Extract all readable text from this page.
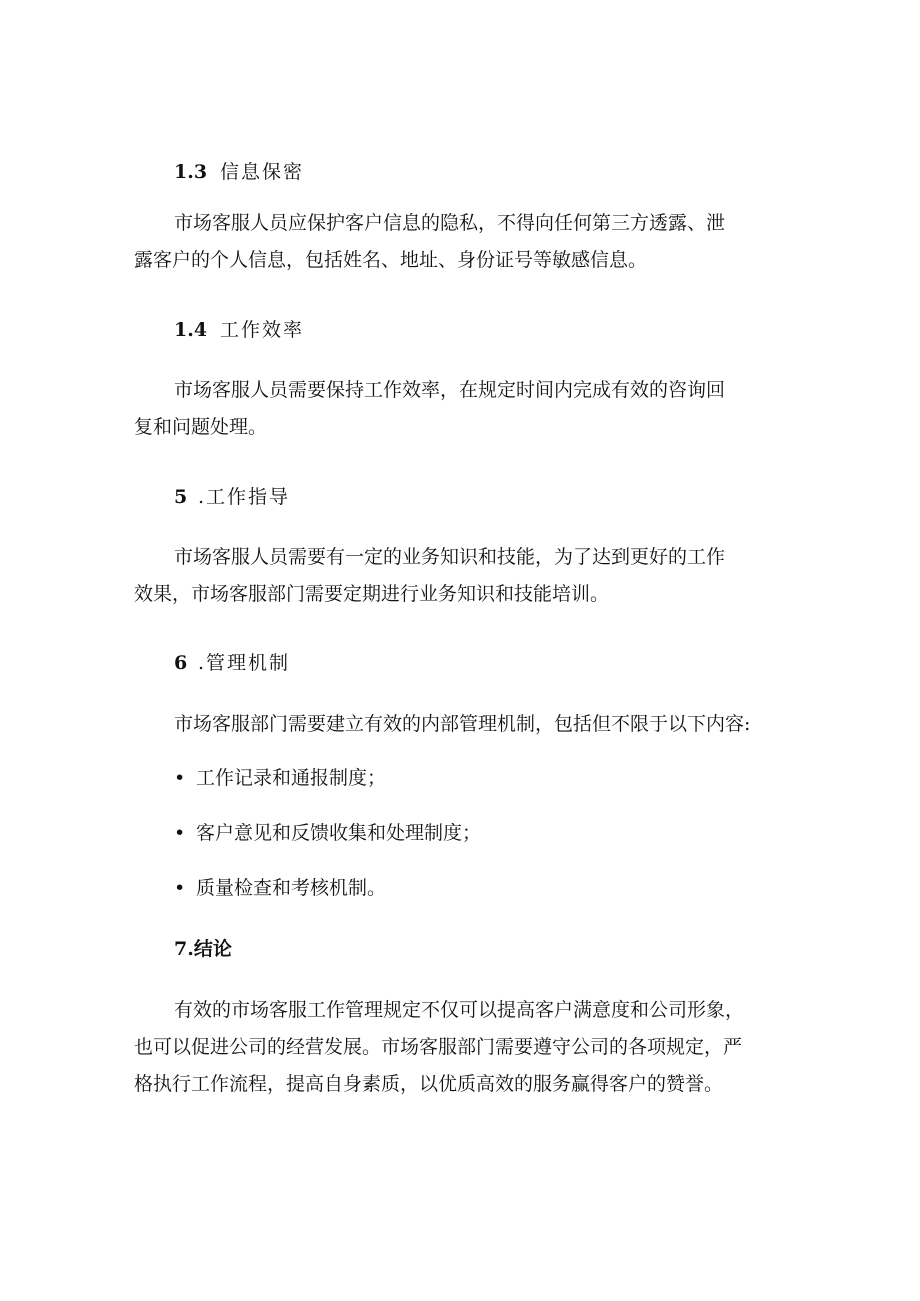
1.3 信息保密
市场客服人员应保护客户信息的隐私，不得向任何第三方透露、泄
露客户的个人信息，包括姓名、地址、身份证号等敏感信息。
1.4 工作效率
市场客服人员需要保持工作效率，在规定时间内完成有效的咨询回
复和问题处理。
5 .工作指导
市场客服人员需要有一定的业务知识和技能，为了达到更好的工作
效果，市场客服部门需要定期进行业务知识和技能培训。
6 .管理机制
市场客服部门需要建立有效的内部管理机制，包括但不限于以下内容:
• 工作记录和通报制度；
• 客户意见和反馈收集和处理制度；
• 质量检查和考核机制。
7.结论
有效的市场客服工作管理规定不仅可以提高客户满意度和公司形象，
也可以促进公司的经营发展。市场客服部门需要遵守公司的各项规定，严
格执行工作流程，提高自身素质，以优质高效的服务赢得客户的赞誉。
